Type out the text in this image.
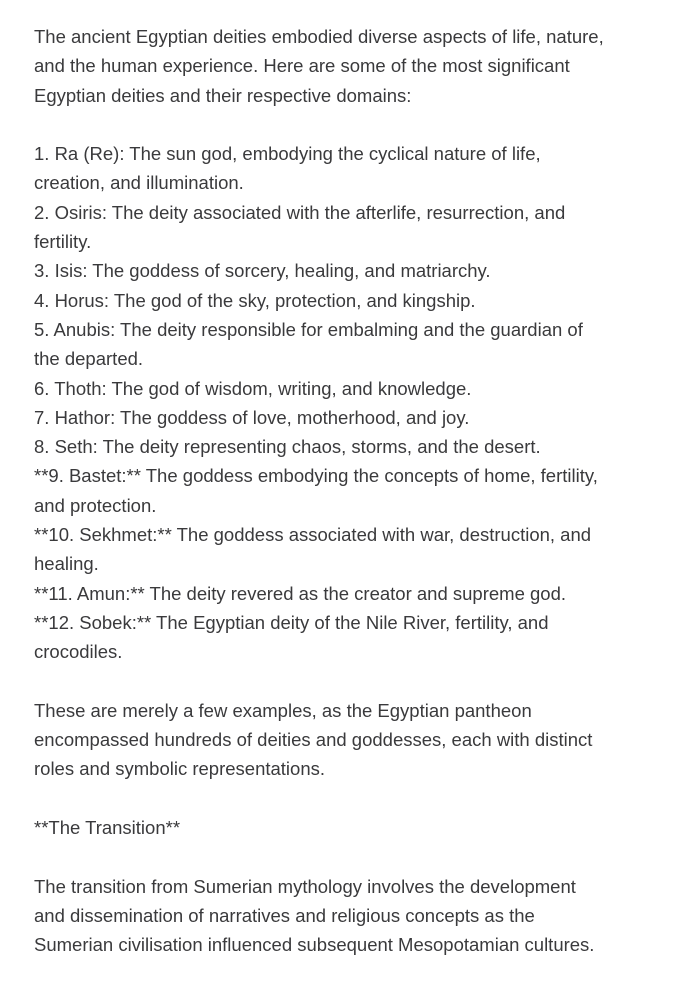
The ancient Egyptian deities embodied diverse aspects of life, nature,
and the human experience. Here are some of the most significant
Egyptian deities and their respective domains:

1. Ra (Re): The sun god, embodying the cyclical nature of life,
creation, and illumination.
2. Osiris: The deity associated with the afterlife, resurrection, and
fertility.
3. Isis: The goddess of sorcery, healing, and matriarchy.
4. Horus: The god of the sky, protection, and kingship.
5. Anubis: The deity responsible for embalming and the guardian of
the departed.
6. Thoth: The god of wisdom, writing, and knowledge.
7. Hathor: The goddess of love, motherhood, and joy.
8. Seth: The deity representing chaos, storms, and the desert.
**9. Bastet:** The goddess embodying the concepts of home, fertility,
and protection.
**10. Sekhmet:** The goddess associated with war, destruction, and
healing.
**11. Amun:** The deity revered as the creator and supreme god.
**12. Sobek:** The Egyptian deity of the Nile River, fertility, and
crocodiles.

These are merely a few examples, as the Egyptian pantheon
encompassed hundreds of deities and goddesses, each with distinct
roles and symbolic representations.

**The Transition**

The transition from Sumerian mythology involves the development
and dissemination of narratives and religious concepts as the
Sumerian civilisation influenced subsequent Mesopotamian cultures.
